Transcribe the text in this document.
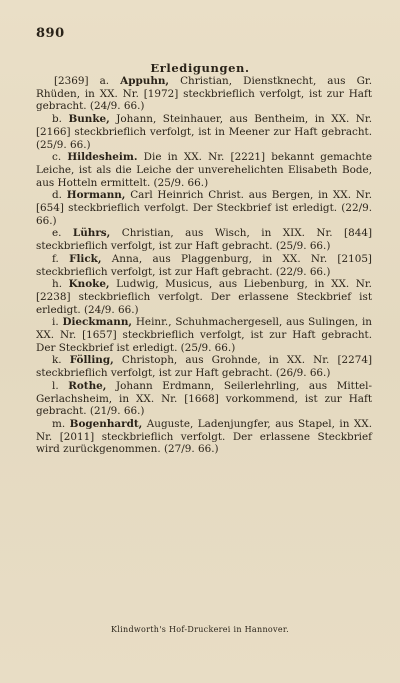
890
Erledigungen.

[2369] a. Appuhn, Christian, Dienstknecht, aus Gr. Rhüden, in XX. Nr. [1972] steckbrieflich verfolgt, ist zur Haft gebracht. (24/9. 66.)

b. Bunke, Johann, Steinhauer, aus Bentheim, in XX. Nr. [2166] steckbrieflich verfolgt, ist in Meener zur Haft gebracht. (25/9. 66.)

c. Hildesheim. Die in XX. Nr. [2221] bekannt gemachte Leiche, ist als die Leiche der unverehelichten Elisabeth Bode, aus Hotteln ermittelt. (25/9. 66.)

d. Hormann, Carl Heinrich Christ. aus Bergen, in XX. Nr. [654] steckbrieflich verfolgt. Der Steckbrief ist erledigt. (22/9. 66.)

e. Lührs, Christian, aus Wisch, in XIX. Nr. [844] steckbrieflich verfolgt, ist zur Haft gebracht. (25/9. 66.)

f. Flick, Anna, aus Plaggenburg, in XX. Nr. [2105] steckbrieflich verfolgt, ist zur Haft gebracht. (22/9. 66.)

h. Knoke, Ludwig, Musicus, aus Liebenburg, in XX. Nr. [2238] steckbrieflich verfolgt. Der erlassene Steckbrief ist erledigt. (24/9. 66.)

i. Dieckmann, Heinr., Schuhmachergesell, aus Sulingen, in XX. Nr. [1657] steckbrieflich verfolgt, ist zur Haft gebracht. Der Steckbrief ist erledigt. (25/9. 66.)

k. Fölling, Christoph, aus Grohnde, in XX. Nr. [2274] steckbrieflich verfolgt, ist zur Haft gebracht. (26/9. 66.)

l. Rothe, Johann Erdmann, Seilerlehrling, aus Mittel-Gerlachsheim, in XX. Nr. [1668] vorkommend, ist zur Haft gebracht. (21/9. 66.)

m. Bogenhardt, Auguste, Ladenjungfer, aus Stapel, in XX. Nr. [2011] steckbrieflich verfolgt. Der erlassene Steckbrief wird zurückgenommen. (27/9. 66.)

Klindworth's Hof-Druckerei in Hannover.
